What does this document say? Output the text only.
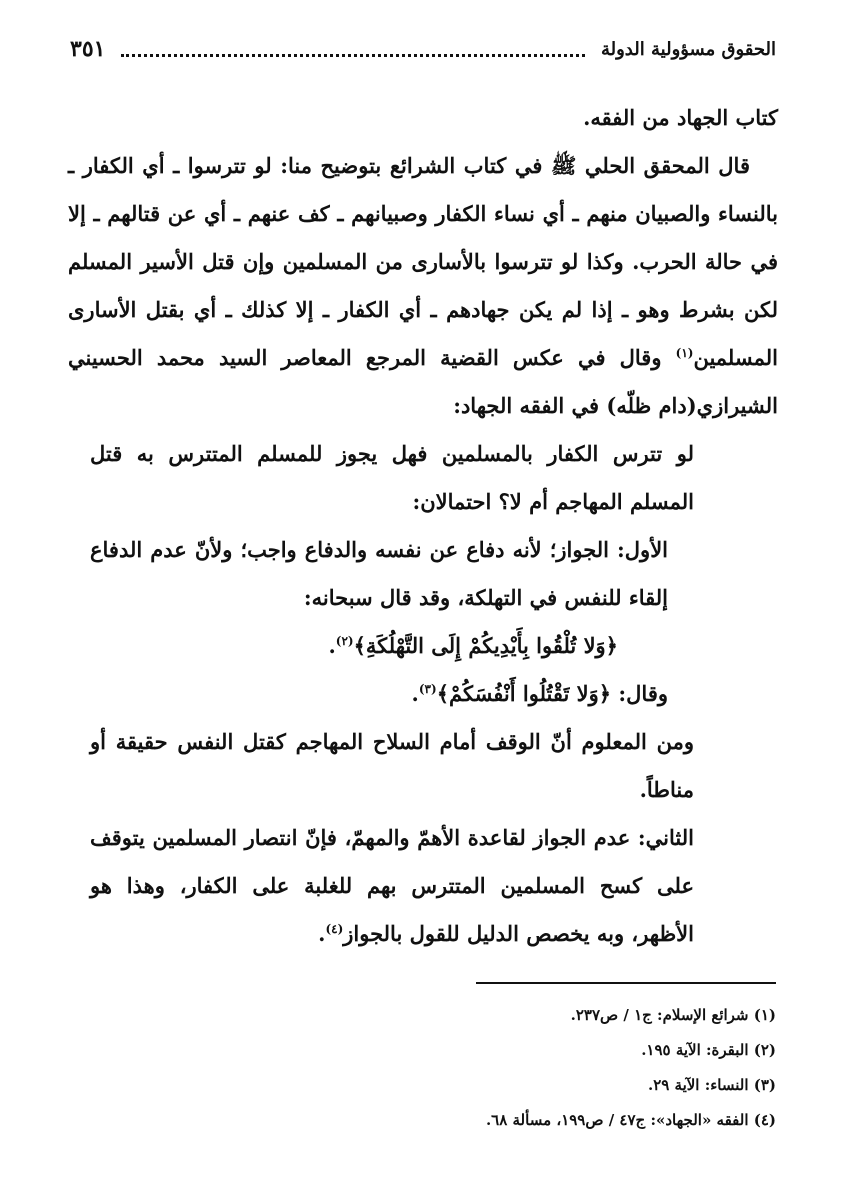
الحقوق مسؤولية الدولة
٣٥١

كتاب الجهاد من الفقه.

قال المحقق الحلي ﷺ في كتاب الشرائع بتوضيح منا: لو تترسوا ـ أي الكفار ـ بالنساء والصبيان منهم ـ أي نساء الكفار وصبيانهم ـ كف عنهم ـ أي عن قتالهم ـ إلا في حالة الحرب. وكذا لو تترسوا بالأسارى من المسلمين وإن قتل الأسير المسلم لكن بشرط وهو ـ إذا لم يكن جهادهم ـ أي الكفار ـ إلا كذلك ـ أي بقتل الأسارى المسلمين$^{(١)}$ وقال في عكس القضية المرجع المعاصر السيد محمد الحسيني الشيرازي(دام ظلّه) في الفقه الجهاد:

لو تترس الكفار بالمسلمين فهل يجوز للمسلم المتترس به قتل المسلم المهاجم أم لا؟ احتمالان:

الأول: الجواز؛ لأنه دفاع عن نفسه والدفاع واجب؛ ولأنّ عدم الدفاع إلقاء للنفس في التهلكة، وقد قال سبحانه:

﴿وَلا تُلْقُوا بِأَيْدِيكُمْ إِلَى التَّهْلُكَةِ﴾$^{(٢)}$.

وقال: ﴿وَلا تَقْتُلُوا أَنْفُسَكُمْ﴾$^{(٣)}$.

ومن المعلوم أنّ الوقف أمام السلاح المهاجم كقتل النفس حقيقة أو مناطاً.

الثاني: عدم الجواز لقاعدة الأهمّ والمهمّ، فإنّ انتصار المسلمين يتوقف على كسح المسلمين المتترس بهم للغلبة على الكفار، وهذا هو الأظهر، وبه يخصص الدليل للقول بالجواز$^{(٤)}$.

(١) شرائع الإسلام: ج١ / ص٢٣٧.

(٢) البقرة: الآية ١٩٥.

(٣) النساء: الآية ٢٩.

(٤) الفقه «الجهاد»: ج٤٧ / ص١٩٩، مسألة ٦٨.
